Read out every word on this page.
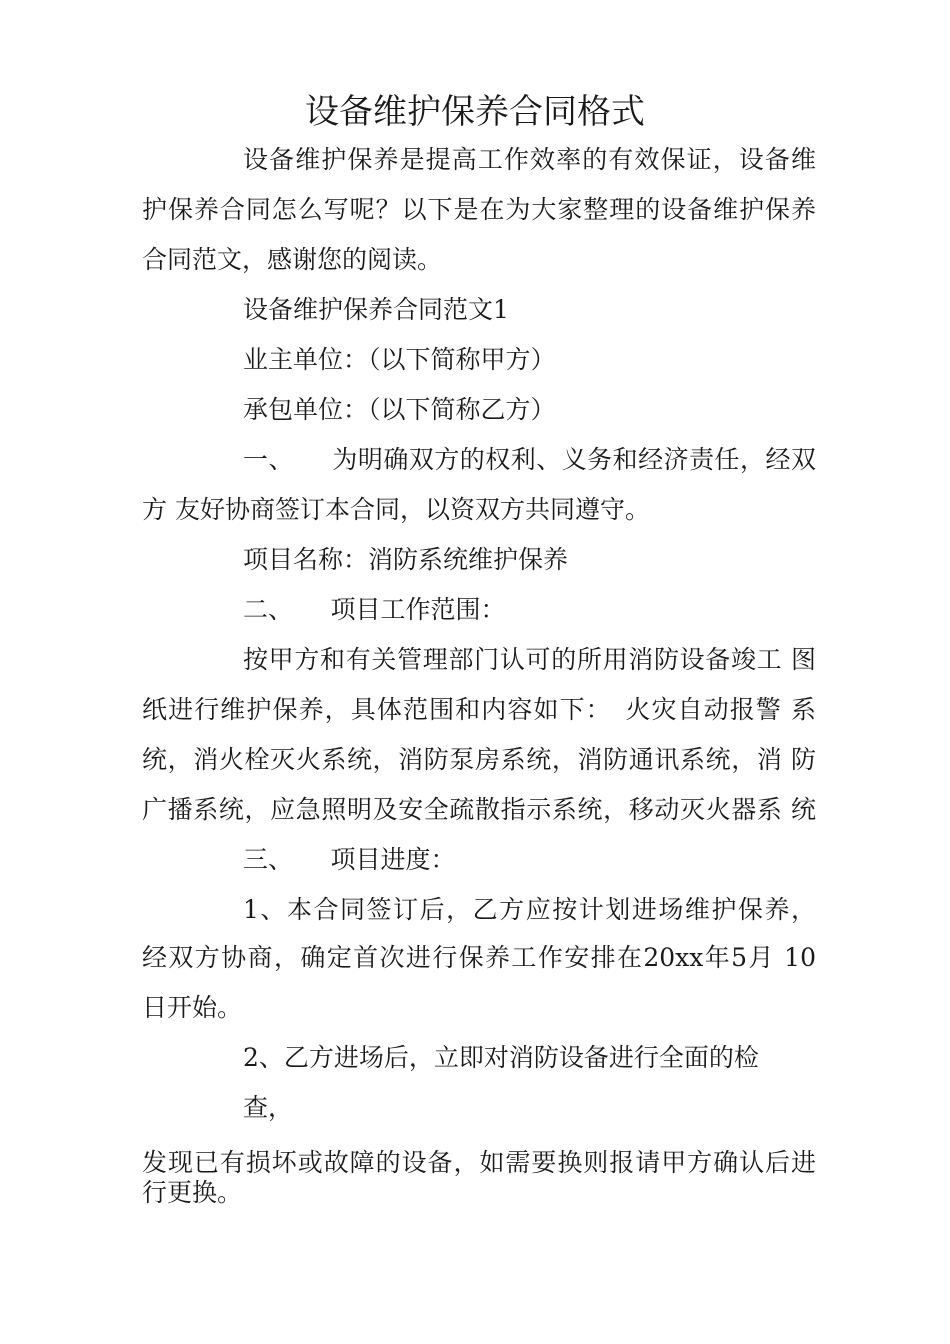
设备维护保养合同格式
设备维护保养是提高工作效率的有效保证，设备维
护保养合同怎么写呢？以下是在为大家整理的设备维护保养
合同范文，感谢您的阅读。
设备维护保养合同范文1
业主单位：（以下简称甲方）
承包单位：（以下简称乙方）
一、　　为明确双方的权利、义务和经济责任，经双
方 友好协商签订本合同，以资双方共同遵守。
项目名称：消防系统维护保养
二、　　项目工作范围：
按甲方和有关管理部门认可的所用消防设备竣工 图
纸进行维护保养，具体范围和内容如下：　火灾自动报警 系
统，消火栓灭火系统，消防泵房系统，消防通讯系统，消 防
广播系统，应急照明及安全疏散指示系统，移动灭火器系 统
三、　　项目进度：
1、本合同签订后，乙方应按计划进场维护保养，
经双方协商，确定首次进行保养工作安排在20xx年5月 10
日开始。
2、乙方进场后，立即对消防设备进行全面的检
查，
发现已有损坏或故障的设备，如需要换则报请甲方确认后进
行更换。
